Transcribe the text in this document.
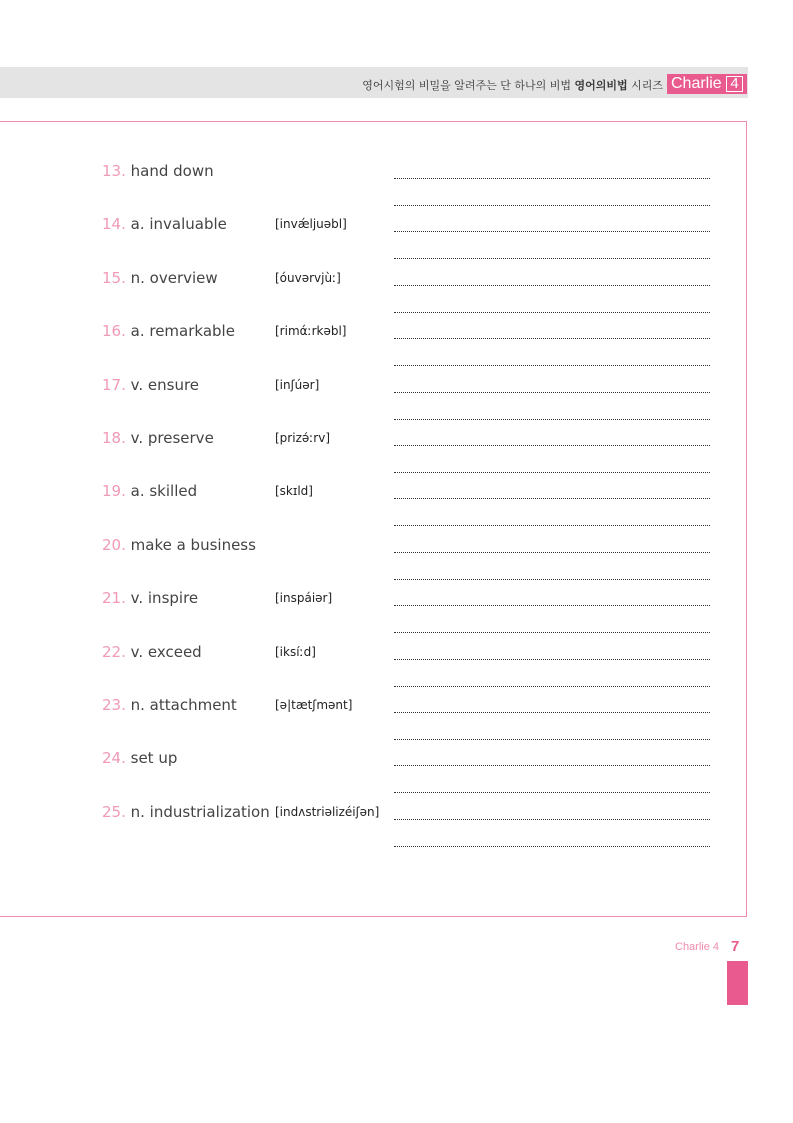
영어시험의 비밀을 알려주는 단 하나의 비법 영어의비법 시리즈 Charlie 4
13. hand down
14. a. invaluable	[invǽljuəbl]
15. n. overview	[óuvərvjùː]
16. a. remarkable	[rimάːrkəbl]
17. v. ensure	[inʃúər]
18. v. preserve	[prizə́ːrv]
19. a. skilled	[skɪld]
20. make a business
21. v. inspire	[inspáiər]
22. v. exceed	[iksíːd]
23. n. attachment	[ə|tætʃmənt]
24. set up
25. n. industrialization [indʌstriəlizéiʃən]
Charlie 4 7
